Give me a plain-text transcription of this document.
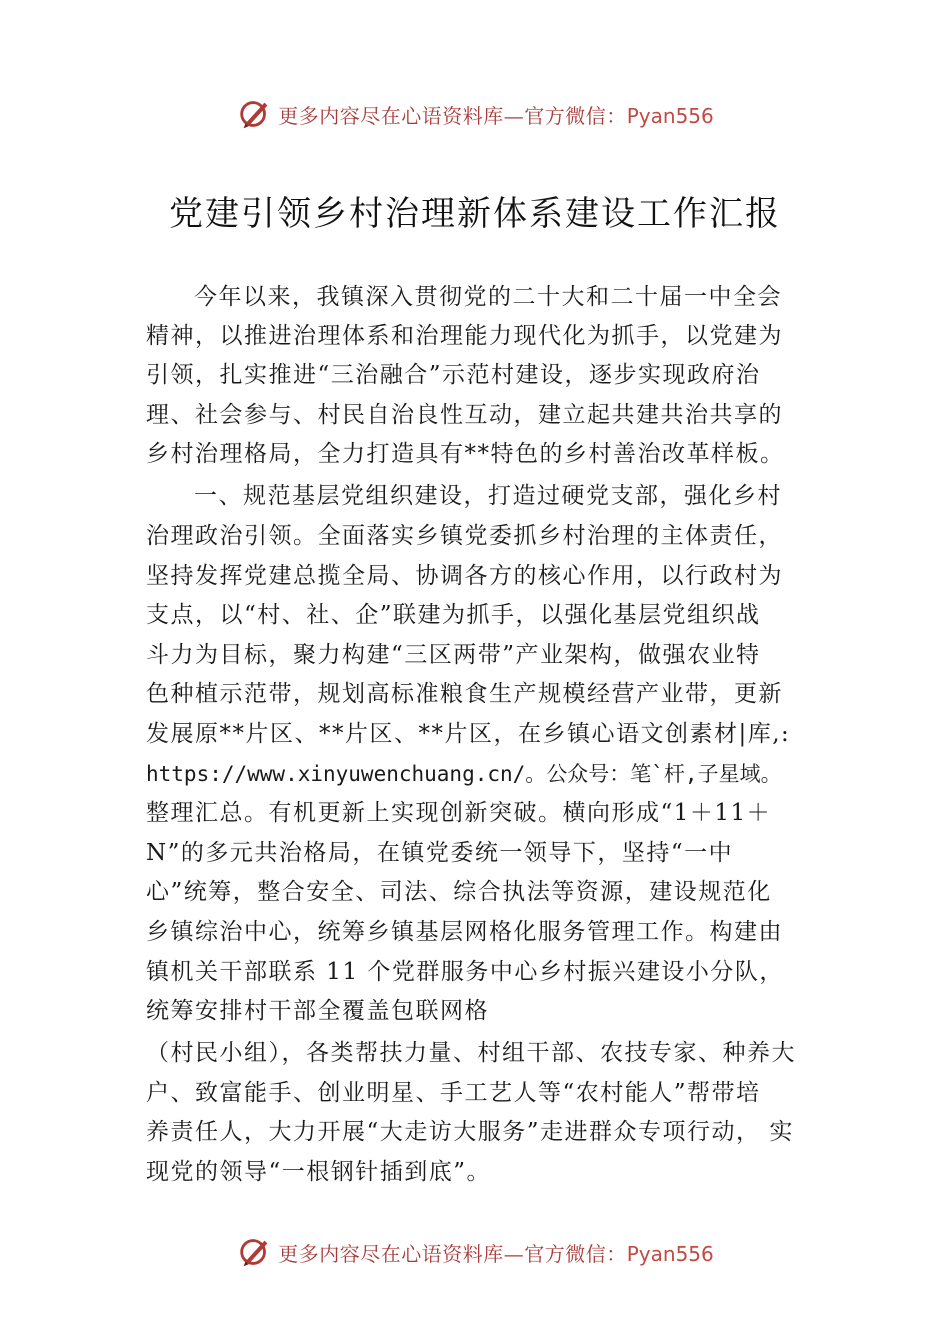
更多内容尽在心语资料库—官方微信：Pyan556
党建引领乡村治理新体系建设工作汇报
今年以来，我镇深入贯彻党的二十大和二十届一中全会
精神，以推进治理体系和治理能力现代化为抓手，以党建为
引领，扎实推进“三治融合”示范村建设，逐步实现政府治
理、社会参与、村民自治良性互动，建立起共建共治共享的
乡村治理格局，全力打造具有**特色的乡村善治改革样板。
一、规范基层党组织建设，打造过硬党支部，强化乡村
治理政治引领。全面落实乡镇党委抓乡村治理的主体责任，
坚持发挥党建总揽全局、协调各方的核心作用，以行政村为
支点，以“村、社、企”联建为抓手，以强化基层党组织战
斗力为目标，聚力构建“三区两带”产业架构，做强农业特
色种植示范带，规划高标准粮食生产规模经营产业带，更新
发展原**片区、**片区、**片区，在乡镇心语文创素材|库,:
https://www.xinyuwenchuang.cn/。公众号：笔`杆,子星域。
整理汇总。有机更新上实现创新突破。横向形成“1＋11＋
N”的多元共治格局，在镇党委统一领导下，坚持“一中
心”统筹，整合安全、司法、综合执法等资源，建设规范化
乡镇综治中心，统筹乡镇基层网格化服务管理工作。构建由
镇机关干部联系 11 个党群服务中心乡村振兴建设小分队，
统筹安排村干部全覆盖包联网格
（村民小组），各类帮扶力量、村组干部、农技专家、种养大
户、致富能手、创业明星、手工艺人等“农村能人”帮带培
养责任人，大力开展“大走访大服务”走进群众专项行动， 实
现党的领导“一根钢针插到底”。
更多内容尽在心语资料库—官方微信：Pyan556
